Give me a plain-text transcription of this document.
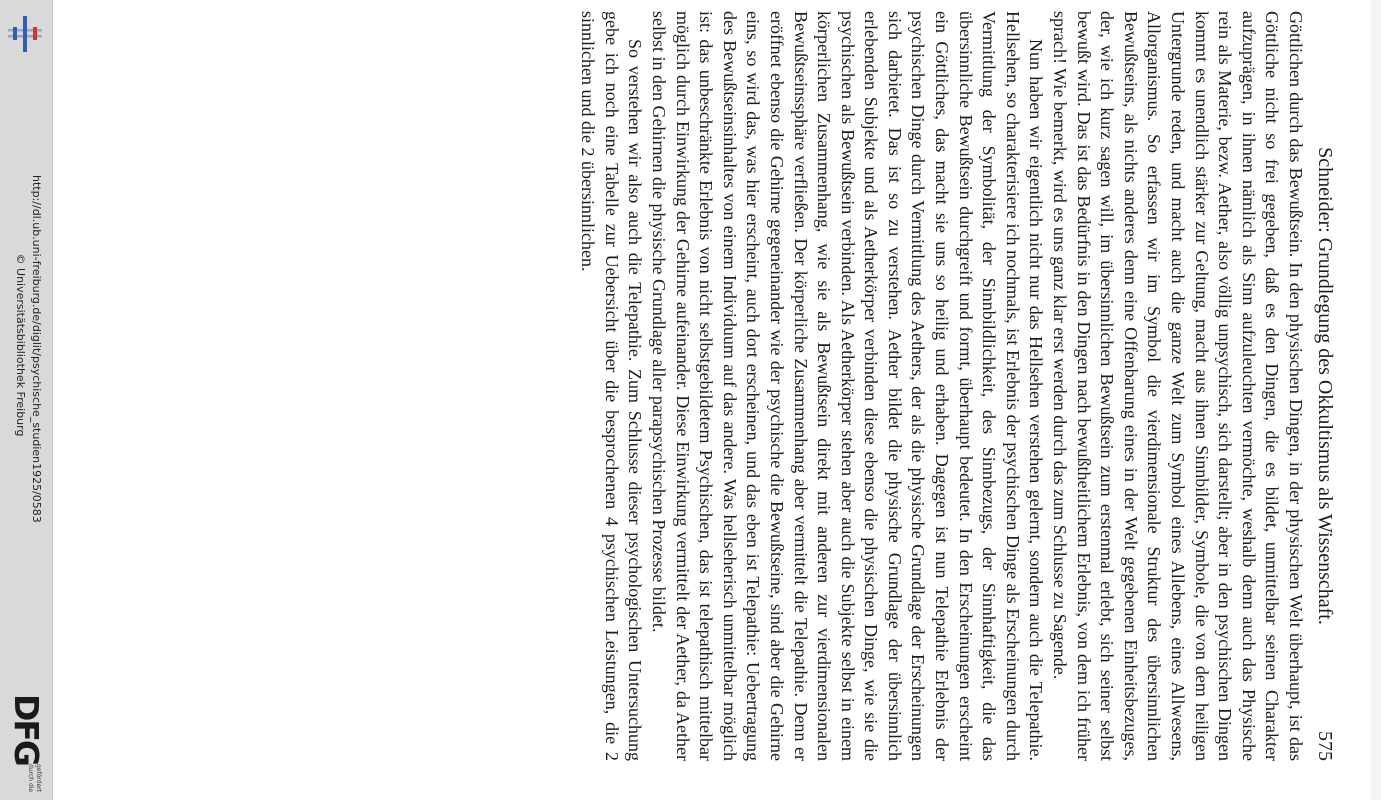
http://dl.ub.uni-freiburg.de/diglit/psychische_studien1925/0583
© Universitätsbibliothek Freiburg
DFG
gefördert durch die
Schneider: Grundlegung des Okkultismus als Wissenschaft.
575

Göttlichen durch das Bewußtsein. In den physischen Dingen, in der physischen Welt überhaupt, ist das Göttliche nicht so frei gegeben, daß es den Dingen, die es bildet, unmittelbar seinen Charakter aufzuprägen, in ihnen nämlich als Sinn aufzuleuchten vermöchte, weshalb denn auch das Physische rein als Materie, bezw. Aether, also völlig unpsychisch, sich darstellt; aber in den psychischen Dingen kommt es unendlich stärker zur Geltung, macht aus ihnen Sinnbilder, Symbole, die von dem heiligen Untergrunde reden, und macht auch die ganze Welt zum Symbol eines Allebens, eines Allwesens, Allorganismus. So erfassen wir im Symbol die vierdimensionale Struktur des übersinnlichen Bewußtseins, als nichts anderes denn eine Offenbarung eines in der Welt gegebenen Einheitsbezuges, der, wie ich kurz sagen will, im übersinnlichen Bewußtsein zum erstenmal erlebt, sich seiner selbst bewußt wird. Das ist das Bedürfnis in den Dingen nach bewußtheitlichem Erlebnis, von dem ich früher sprach! Wie bemerkt, wird es uns ganz klar erst werden durch das zum Schlusse zu Sagende.

Nun haben wir eigentlich nicht nur das Hellsehen verstehen gelernt, sondern auch die Telepathie. Hellsehen, so charakterisiere ich nochmals, ist Erlebnis der psychischen Dinge als Erscheinungen durch Vermittlung der Symbolität, der Sinnbildlichkeit, des Sinnbezugs, der Sinnhaftigkeit, die das übersinnliche Bewußtsein durchgreift und formt, überhaupt bedeutet. In den Erscheinungen erscheint ein Göttliches, das macht sie uns so heilig und erhaben. Dagegen ist nun Telepathie Erlebnis der psychischen Dinge durch Vermittlung des Aethers, der als die physische Grundlage der Erscheinungen sich darbietet. Das ist so zu verstehen. Aether bildet die physische Grundlage der übersinnlich erlebenden Subjekte und als Aetherkörper verbinden diese ebenso die physischen Dinge, wie sie die psychischen als Bewußtsein verbinden. Als Aetherkörper stehen aber auch die Subjekte selbst in einem körperlichen Zusammenhang, wie sie als Bewußtsein direkt mit anderen zur vierdimensionalen Bewußtseinssphäre verfließen. Der körperliche Zusammenhang aber vermittelt die Telepathie. Denn er eröffnet ebenso die Gehirne gegeneinander wie der psychische die Bewußtseine, sind aber die Gehirne eins, so wird das, was hier erscheint, auch dort erscheinen, und das eben ist Telepathie: Uebertragung des Bewußtseinsinhaltes von einem Individuum auf das andere. Was hellseherisch unmittelbar möglich ist: das unbeschränkte Erlebnis von nicht selbstgebildetem Psychischen, das ist telepathisch mittelbar möglich durch Einwirkung der Gehirne aufeinander. Diese Einwirkung vermittelt der Aether, da Aether selbst in den Gehirnen die physische Grundlage aller parapsychischen Prozesse bildet.

So verstehen wir also auch die Telepathie. Zum Schlusse dieser psychologischen Untersuchung gebe ich noch eine Tabelle zur Uebersicht über die besprochenen 4 psychischen Leistungen, die 2 sinnlichen und die 2 übersinnlichen.
